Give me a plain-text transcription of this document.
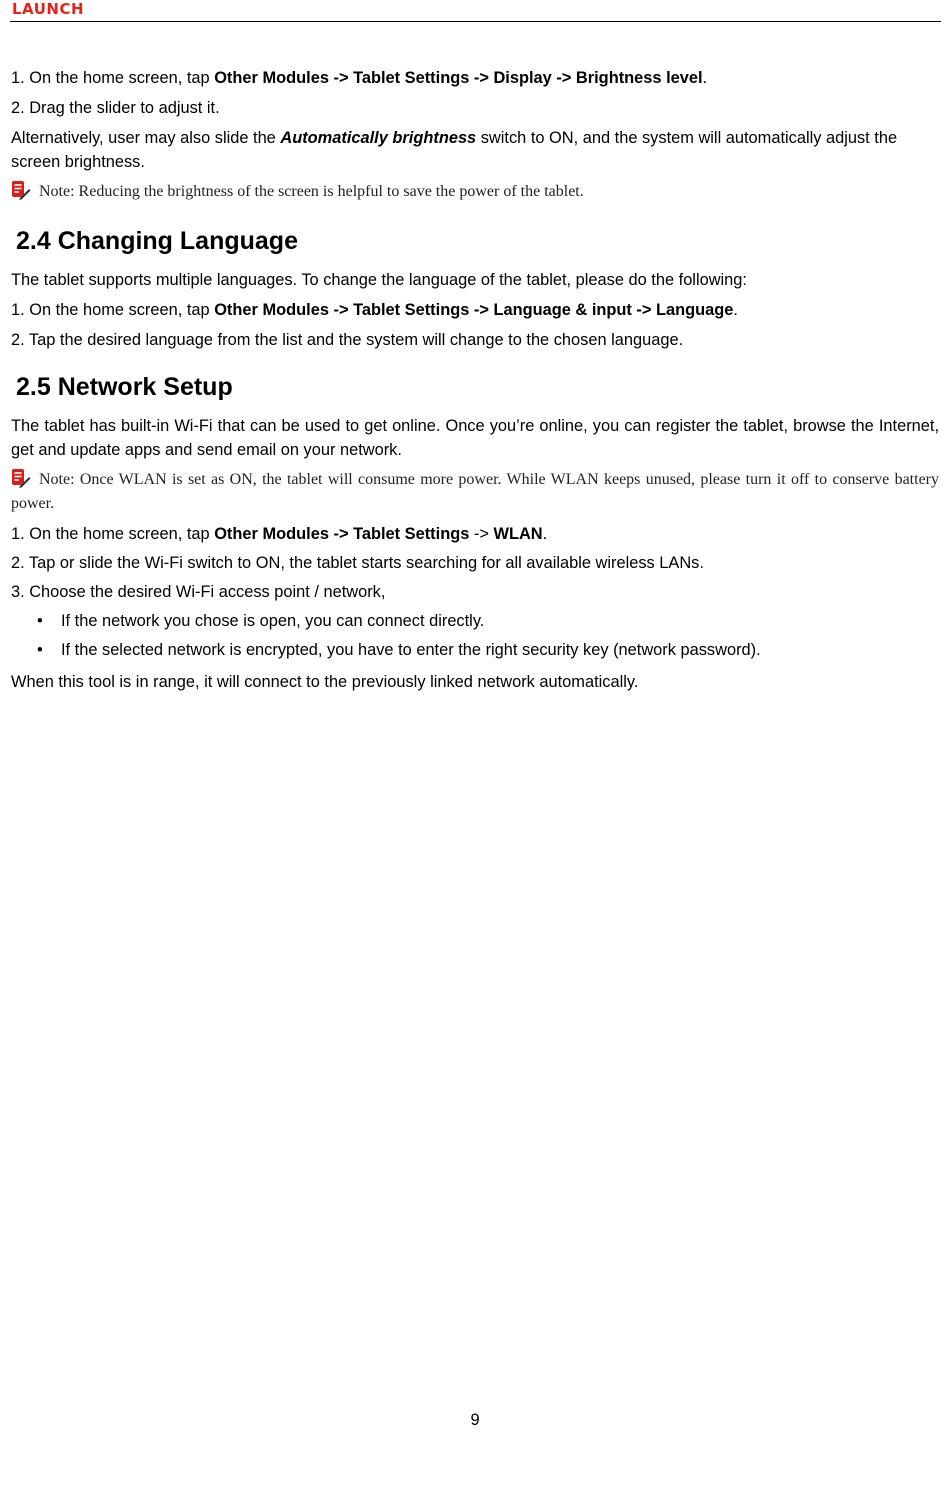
LAUNCH

1. On the home screen, tap Other Modules -> Tablet Settings -> Display -> Brightness level.

2. Drag the slider to adjust it.

Alternatively, user may also slide the Automatically brightness switch to ON, and the system will automatically adjust the screen brightness.

Note: Reducing the brightness of the screen is helpful to save the power of the tablet.

2.4 Changing Language

The tablet supports multiple languages. To change the language of the tablet, please do the following:

1. On the home screen, tap Other Modules -> Tablet Settings -> Language & input -> Language.

2. Tap the desired language from the list and the system will change to the chosen language.

2.5 Network Setup

The tablet has built-in Wi-Fi that can be used to get online. Once you’re online, you can register the tablet, browse the Internet, get and update apps and send email on your network.

Note: Once WLAN is set as ON, the tablet will consume more power. While WLAN keeps unused, please turn it off to conserve battery power.

1. On the home screen, tap Other Modules -> Tablet Settings -> WLAN.

2. Tap or slide the Wi-Fi switch to ON, the tablet starts searching for all available wireless LANs.

3. Choose the desired Wi-Fi access point / network,

•	If the network you chose is open, you can connect directly.

•	If the selected network is encrypted, you have to enter the right security key (network password).

When this tool is in range, it will connect to the previously linked network automatically.

9
